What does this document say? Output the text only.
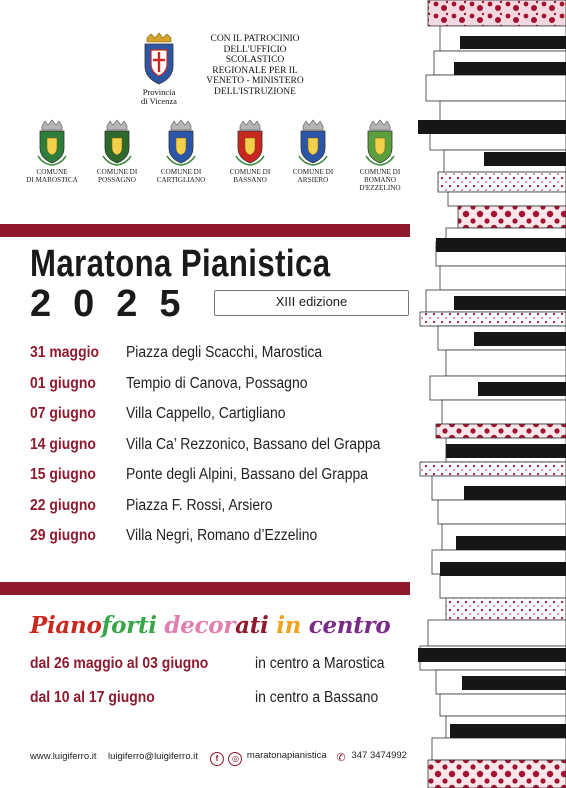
Provincia
di Vicenza
CON IL PATROCINIO
DELL'UFFICIO
SCOLASTICO
REGIONALE PER IL
VENETO - MINISTERO
DELL'ISTRUZIONE
COMUNE
DI MAROSTICA
COMUNE DI
POSSAGNO
COMUNE DI
CARTIGLIANO
COMUNE DI
BASSANO
COMUNE DI
ARSIERO
COMUNE DI
ROMANO
D'EZZELINO
Maratona Pianistica
2025	XIII edizione
31 maggio Piazza degli Scacchi, Marostica
01 giugno Tempio di Canova, Possagno
07 giugno Villa Cappello, Cartigliano
14 giugno Villa Ca’ Rezzonico, Bassano del Grappa
15 giugno Ponte degli Alpini, Bassano del Grappa
22 giugno Piazza F. Rossi, Arsiero
29 giugno Villa Negri, Romano d’Ezzelino
Pianoforti decorati in centro
dal 26 maggio al 03 giugno	in centro a Marostica
dal 10 al 17 giugno	in centro a Bassano
www.luigiferro.it luigiferro@luigiferro.it	f ◎ $^{maratonapianistica}$ ✆ $^{347 3474992}$
